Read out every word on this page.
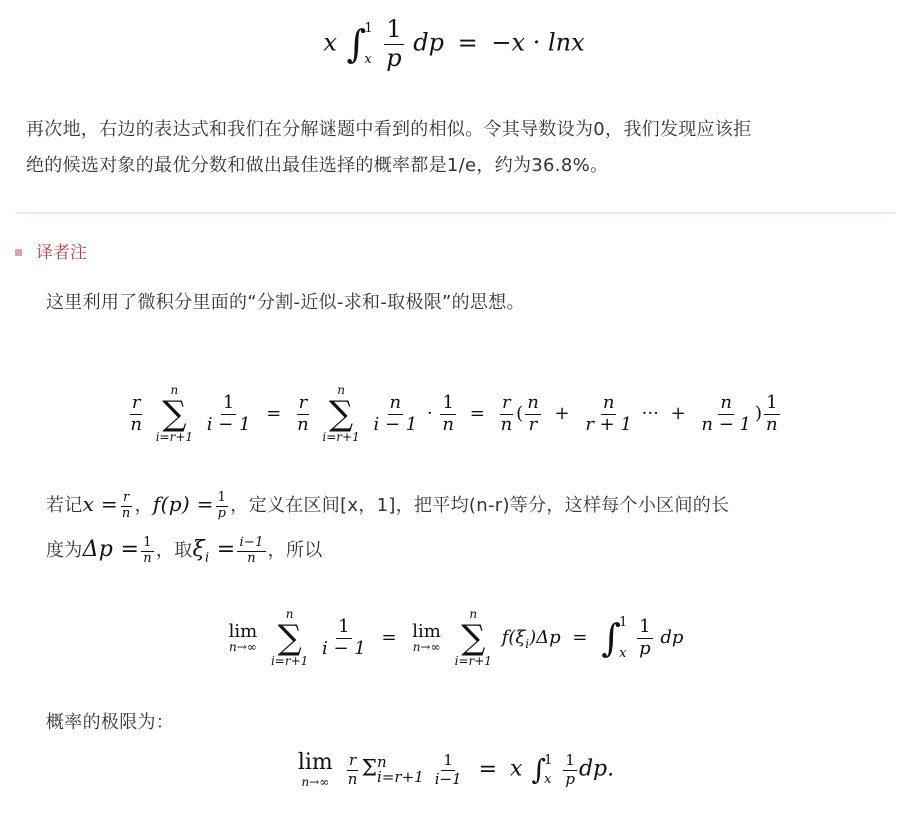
x ∫
1
x
$\frac{1}{p}$ dp = −x · lnx
再次地，右边的表达式和我们在分解谜题中看到的相似。令其导数设为0，我们发现应该拒
绝的候选对象的最优分数和做出最佳选择的概率都是1/e，约为36.8%。
译者注
这里利用了微积分里面的“分割-近似-求和-取极限”的思想。
$\frac{r}{n}$

n
∑
i=r+1

$\frac{1}{i - 1} = \frac{r}{n}$

n
∑
i=r+1

$\frac{n}{i - 1} \cdot \frac{1}{n} = \frac{r}{n}$ ( $\frac{n}{r} + \frac{n}{r + 1}$ ··· + $\frac{n}{n - 1}$ ) $\frac{1}{n}$
若记$x = \frac{r}{n}$ ，$f(p) = \frac{1}{p}$ ，定义在区间[x，1]，把平均(n-r)等分，这样每个小区间的长
度为$\Delta p = \frac{1}{n}$ ，取$\xi_i = \frac{i-1}{n}$ ，所以
lim
n→∞

n
∑
i=r+1

$\frac{1}{i - 1} = \lim$
n→∞

n
∑
i=r+1
$f(\xi_i)\Delta p$ = ∫
1
x
$\frac{1}{p}$ dp
概率的极限为：
lim
n→∞
$\frac{r}{n}$ Σ n
i=r+1
$\frac{1}{i-1} = x$ ∫
1
x
$\frac{1}{p}$ dp.
